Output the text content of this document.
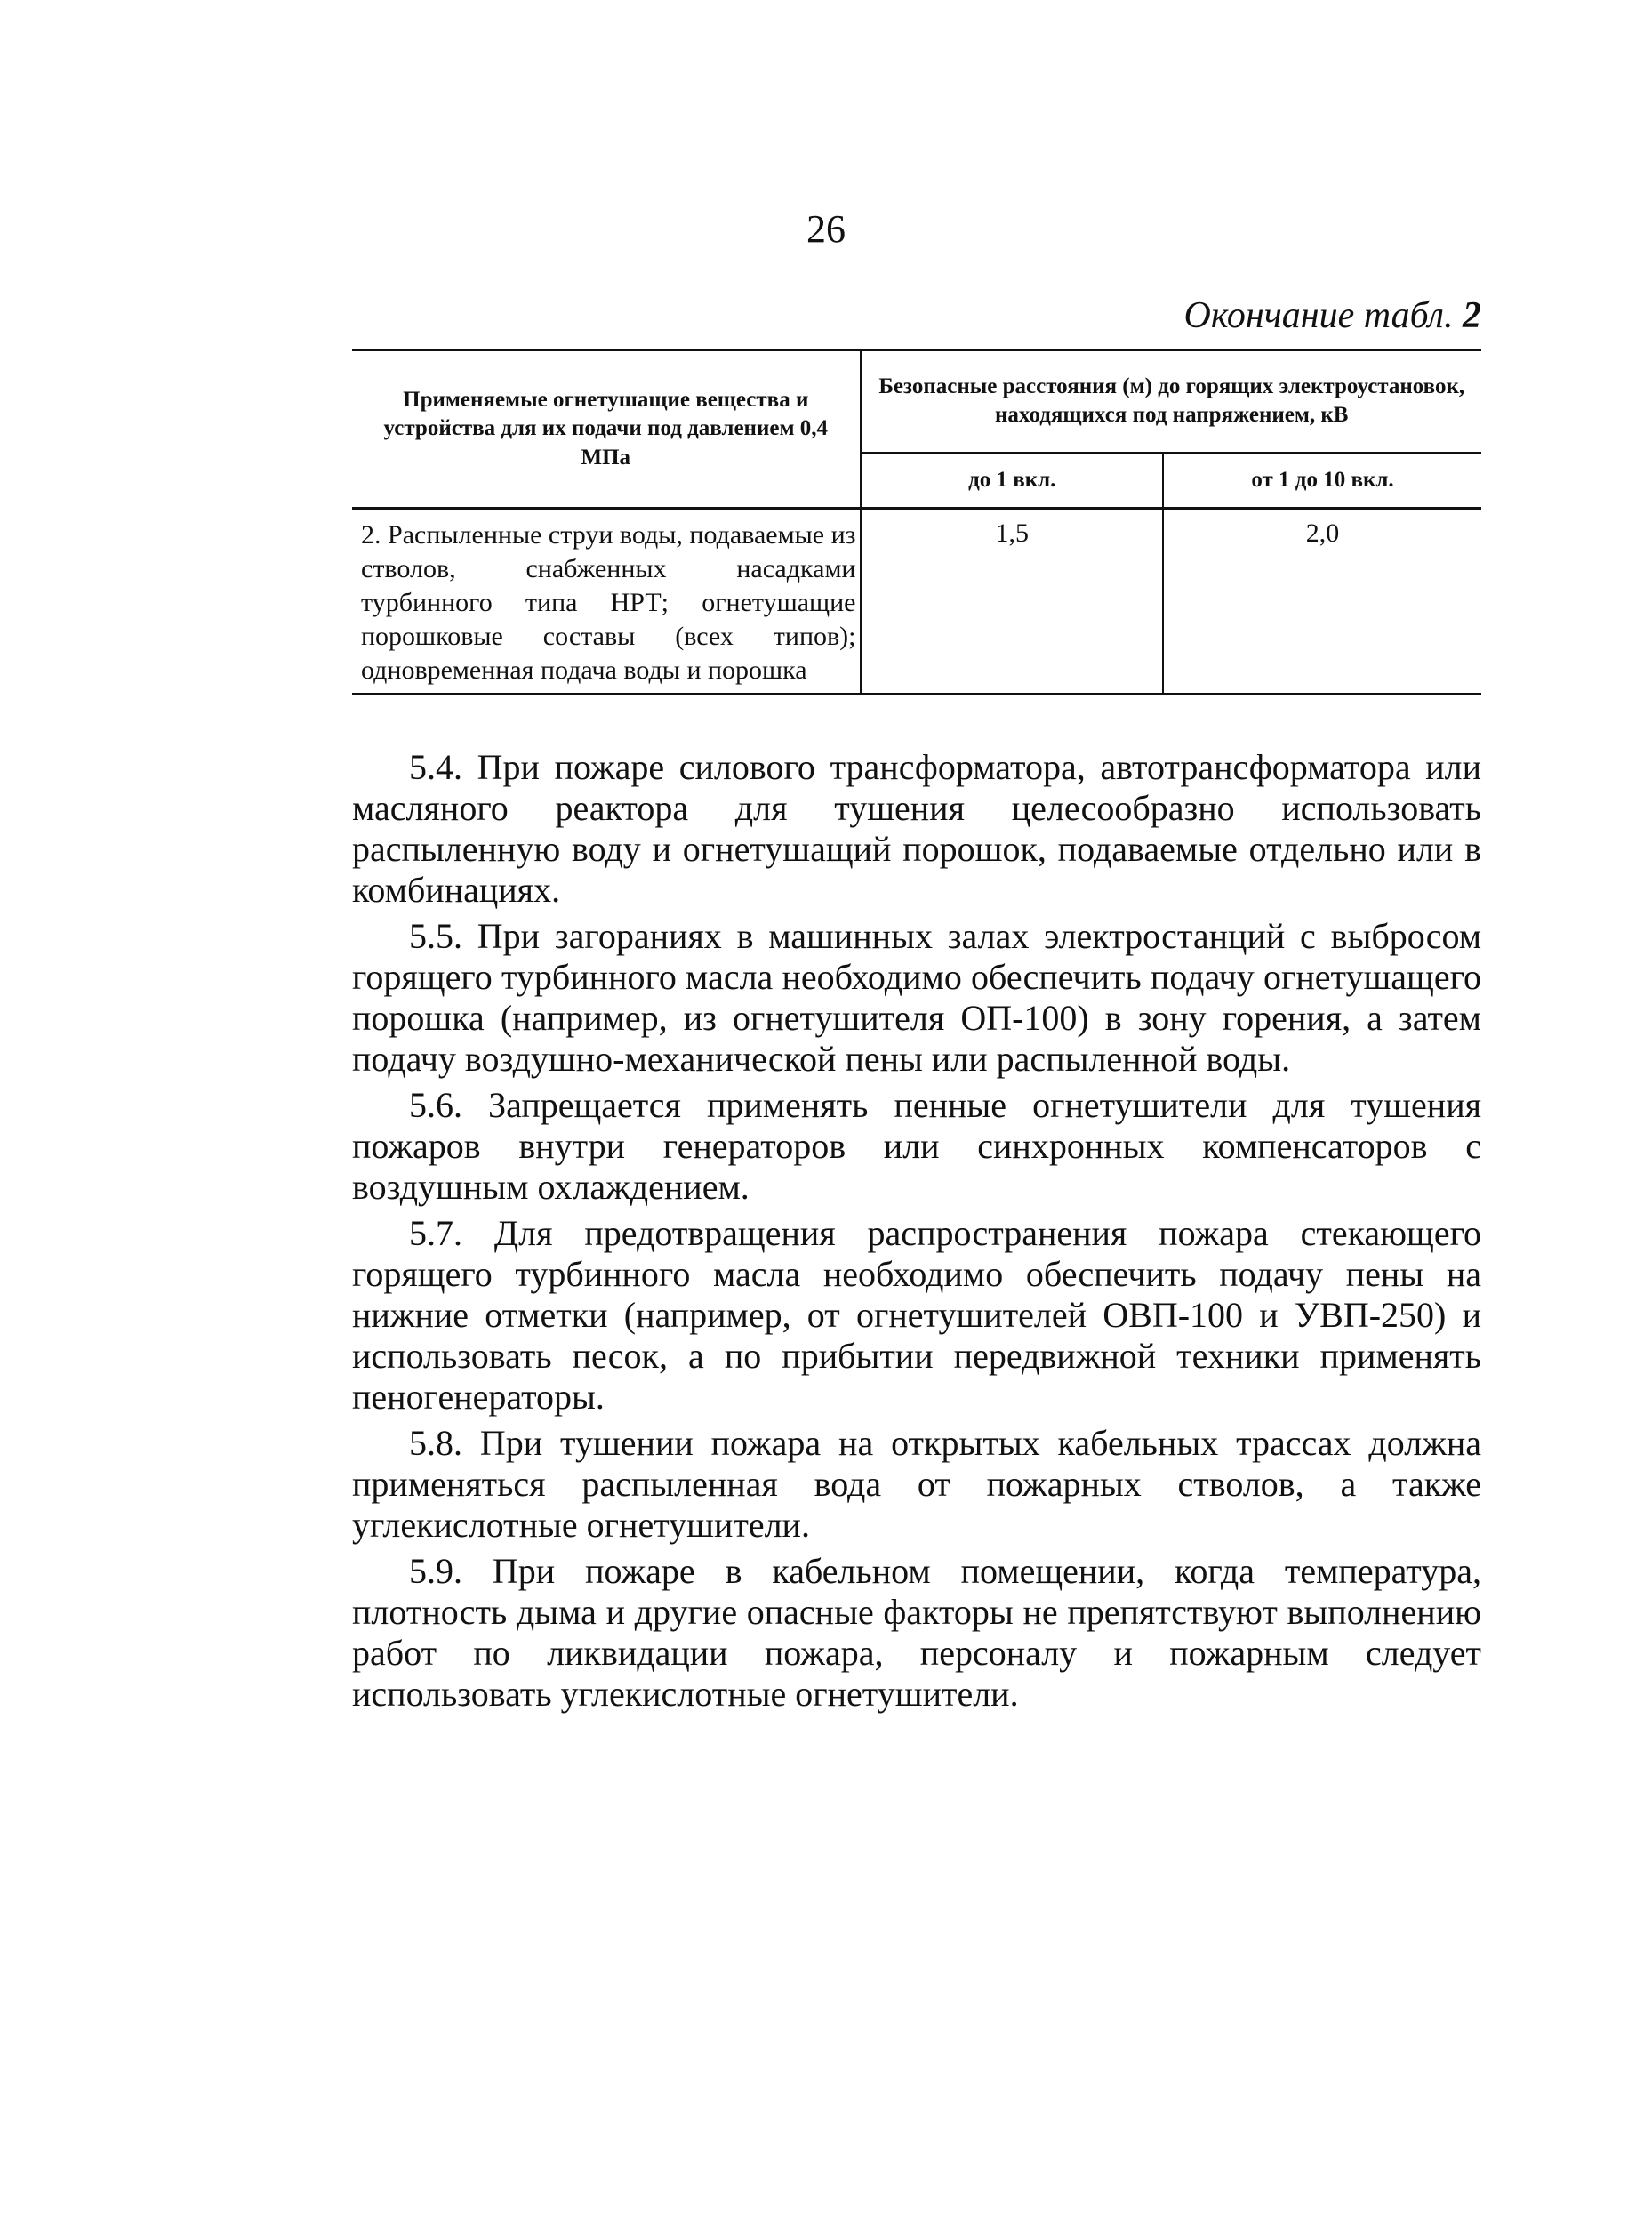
26
Окончание табл. 2
Применяемые огнетушащие вещества и устройства для их подачи под давлением 0,4 МПа	Безопасные расстояния (м) до горящих электроустановок, находящихся под напряжением, кВ	
	до 1 вкл.	от 1 до 10 вкл.
2. Распыленные струи воды, подаваемые из стволов, снабженных насадками турбинного типа НРТ; огнетушащие порошковые составы (всех типов); одновременная подача воды и порошка	1,5	2,0

5.4. При пожаре силового трансформатора, автотрансформатора или масляного реактора для тушения целесообразно использовать распыленную воду и огнетушащий порошок, подаваемые отдельно или в комбинациях.

5.5. При загораниях в машинных залах электростанций с выбросом горящего турбинного масла необходимо обеспечить подачу огнетушащего порошка (например, из огнетушителя ОП-100) в зону горения, а затем подачу воздушно-механической пены или распыленной воды.

5.6. Запрещается применять пенные огнетушители для тушения пожаров внутри генераторов или синхронных компенсаторов с воздушным охлаждением.

5.7. Для предотвращения распространения пожара стекающего горящего турбинного масла необходимо обеспечить подачу пены на нижние отметки (например, от огнетушителей ОВП-100 и УВП-250) и использовать песок, а по прибытии передвижной техники применять пеногенераторы.

5.8. При тушении пожара на открытых кабельных трассах должна применяться распыленная вода от пожарных стволов, а также углекислотные огнетушители.

5.9. При пожаре в кабельном помещении, когда температура, плотность дыма и другие опасные факторы не препятствуют выполнению работ по ликвидации пожара, персоналу и пожарным следует использовать углекислотные огнетушители.
